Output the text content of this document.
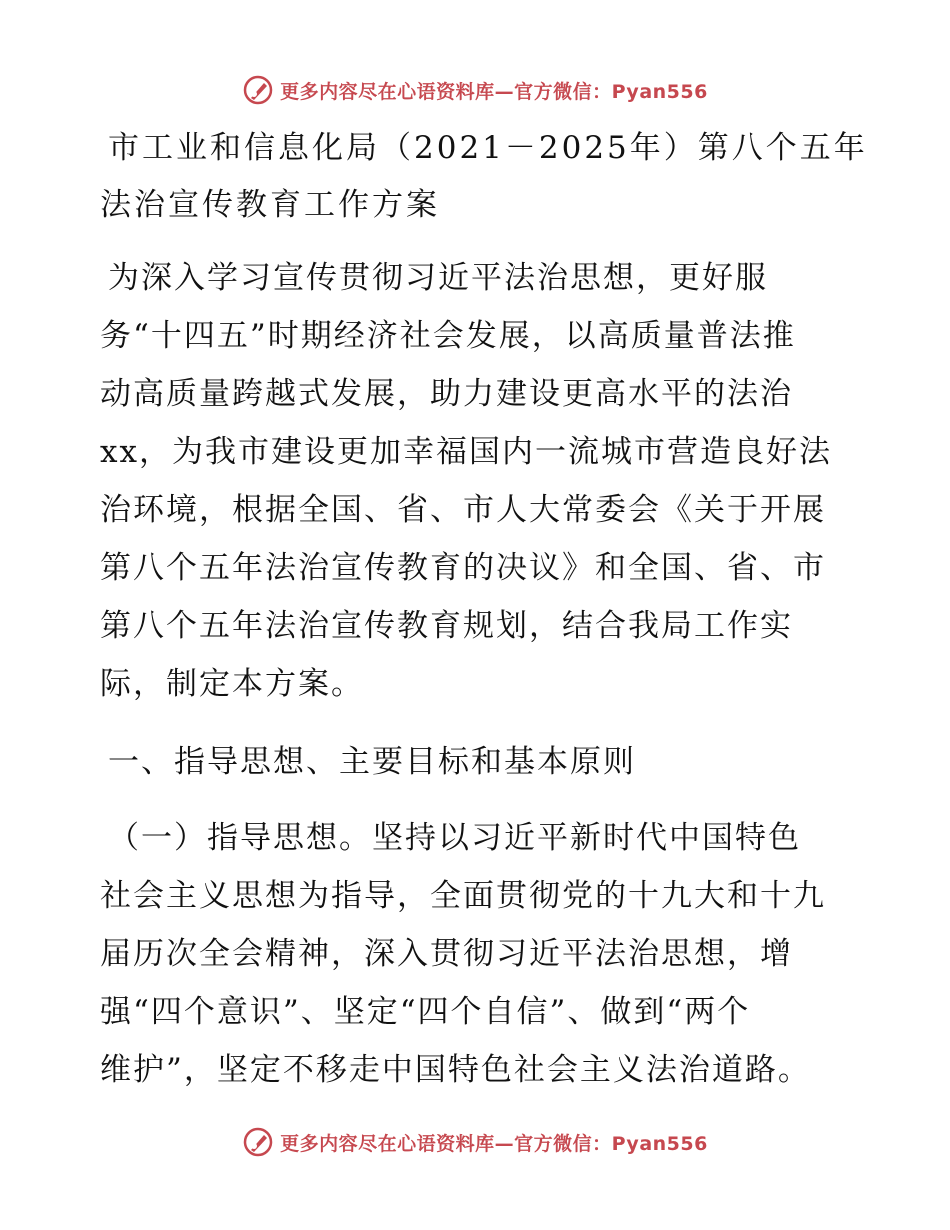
更多内容尽在心语资料库—官方微信：Pyan556
市工业和信息化局（2021－2025年）第八个五年
法治宣传教育工作方案
为深入学习宣传贯彻习近平法治思想，更好服
务“十四五”时期经济社会发展，以高质量普法推
动高质量跨越式发展，助力建设更高水平的法治
xx，为我市建设更加幸福国内一流城市营造良好法
治环境，根据全国、省、市人大常委会《关于开展
第八个五年法治宣传教育的决议》和全国、省、市
第八个五年法治宣传教育规划，结合我局工作实
际，制定本方案。
一、指导思想、主要目标和基本原则
（一）指导思想。坚持以习近平新时代中国特色
社会主义思想为指导，全面贯彻党的十九大和十九
届历次全会精神，深入贯彻习近平法治思想，增
强“四个意识”、坚定“四个自信”、做到“两个
维护”，坚定不移走中国特色社会主义法治道路。
更多内容尽在心语资料库—官方微信：Pyan556
